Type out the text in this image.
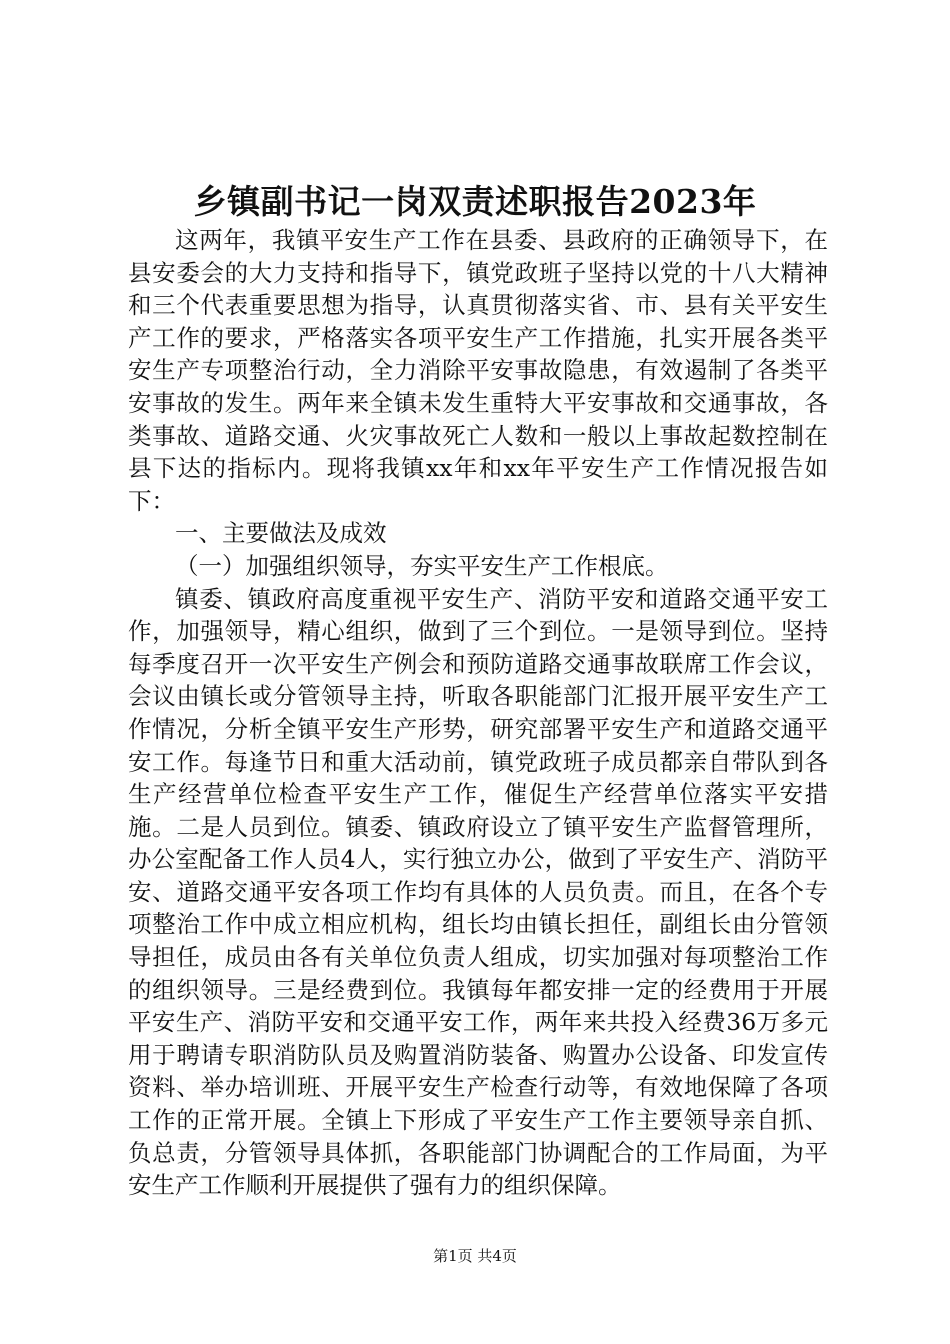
乡镇副书记一岗双责述职报告2023年

这两年，我镇平安生产工作在县委、县政府的正确领导下，在县安委会的大力支持和指导下，镇党政班子坚持以党的十八大精神和三个代表重要思想为指导，认真贯彻落实省、市、县有关平安生产工作的要求，严格落实各项平安生产工作措施，扎实开展各类平安生产专项整治行动，全力消除平安事故隐患，有效遏制了各类平安事故的发生。两年来全镇未发生重特大平安事故和交通事故，各类事故、道路交通、火灾事故死亡人数和一般以上事故起数控制在县下达的指标内。现将我镇xx年和xx年平安生产工作情况报告如下：

一、主要做法及成效

（一）加强组织领导，夯实平安生产工作根底。

镇委、镇政府高度重视平安生产、消防平安和道路交通平安工作，加强领导，精心组织，做到了三个到位。一是领导到位。坚持每季度召开一次平安生产例会和预防道路交通事故联席工作会议，会议由镇长或分管领导主持，听取各职能部门汇报开展平安生产工作情况，分析全镇平安生产形势，研究部署平安生产和道路交通平安工作。每逢节日和重大活动前，镇党政班子成员都亲自带队到各生产经营单位检查平安生产工作，催促生产经营单位落实平安措施。二是人员到位。镇委、镇政府设立了镇平安生产监督管理所，办公室配备工作人员4人，实行独立办公，做到了平安生产、消防平安、道路交通平安各项工作均有具体的人员负责。而且，在各个专项整治工作中成立相应机构，组长均由镇长担任，副组长由分管领导担任，成员由各有关单位负责人组成，切实加强对每项整治工作的组织领导。三是经费到位。我镇每年都安排一定的经费用于开展平安生产、消防平安和交通平安工作，两年来共投入经费36万多元用于聘请专职消防队员及购置消防装备、购置办公设备、印发宣传资料、举办培训班、开展平安生产检查行动等，有效地保障了各项工作的正常开展。全镇上下形成了平安生产工作主要领导亲自抓、负总责，分管领导具体抓，各职能部门协调配合的工作局面，为平安生产工作顺利开展提供了强有力的组织保障。

第1页 共4页
